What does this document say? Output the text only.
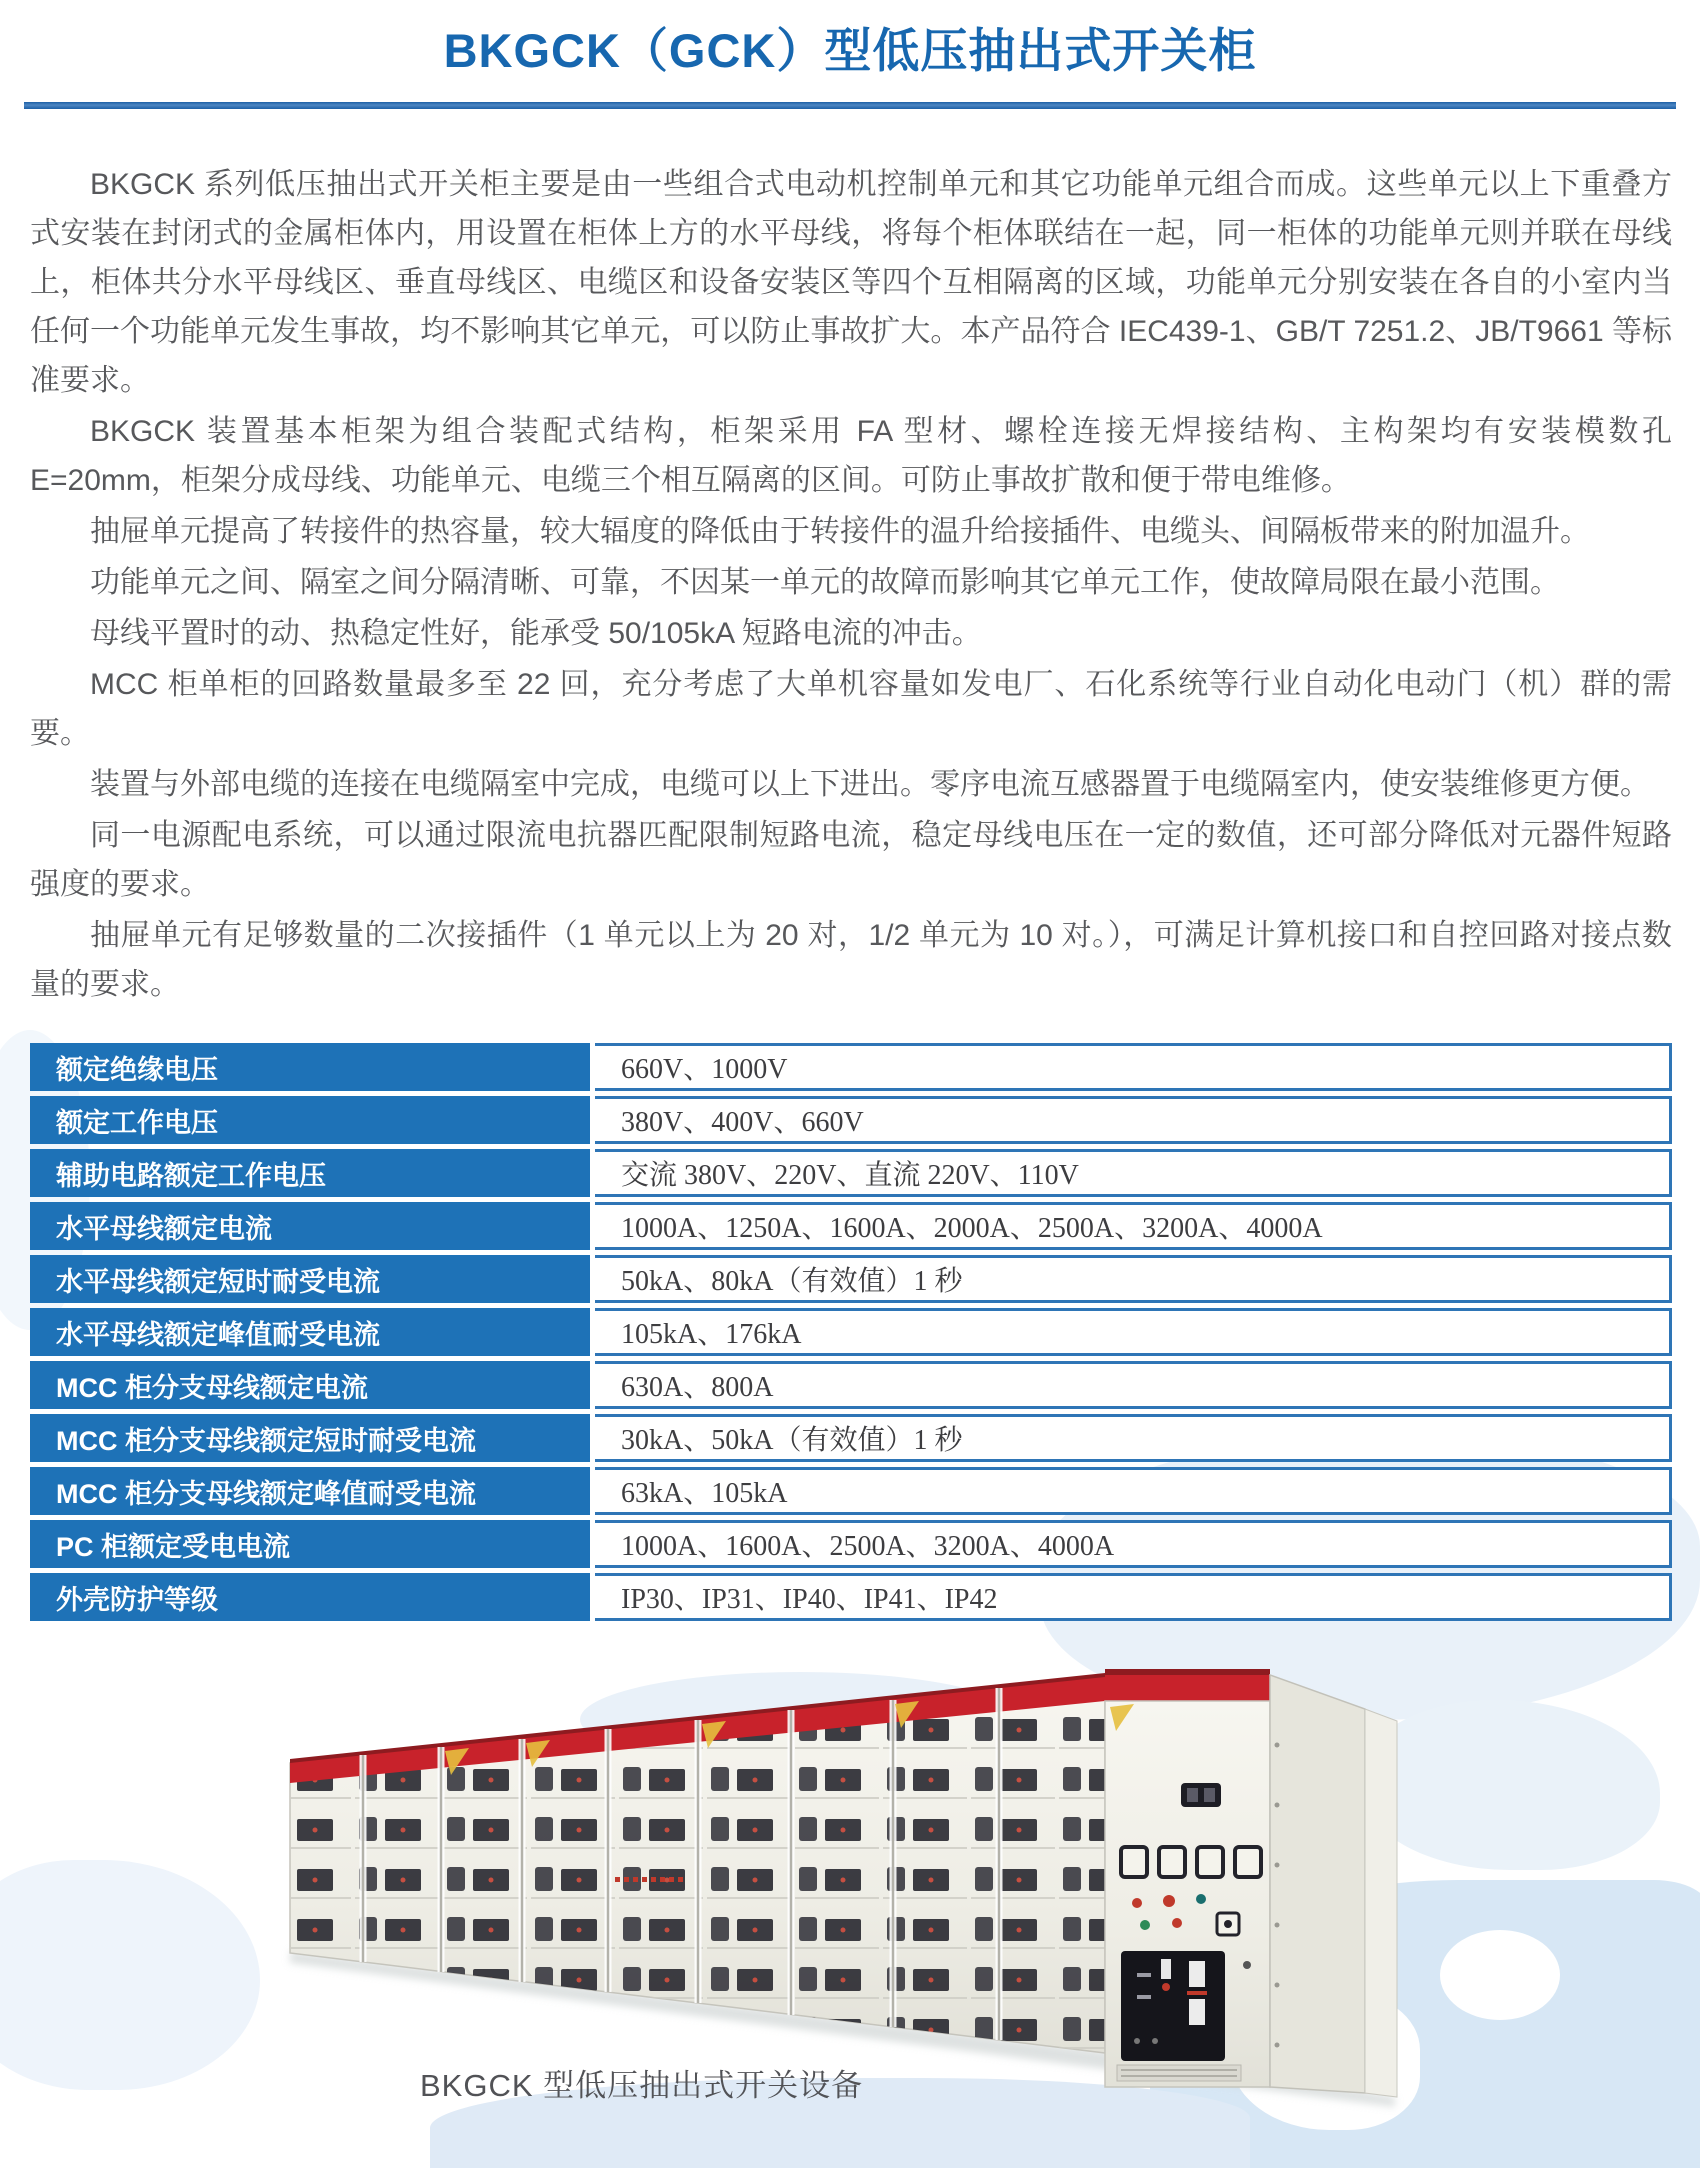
BKGCK（GCK）型低压抽出式开关柜

BKGCK 系列低压抽出式开关柜主要是由一些组合式电动机控制单元和其它功能单元组合而成。这些单元以上下重叠方式安装在封闭式的金属柜体内，用设置在柜体上方的水平母线，将每个柜体联结在一起，同一柜体的功能单元则并联在母线上，柜体共分水平母线区、垂直母线区、电缆区和设备安装区等四个互相隔离的区域，功能单元分别安装在各自的小室内当任何一个功能单元发生事故，均不影响其它单元，可以防止事故扩大。本产品符合 IEC439-1、GB/T 7251.2、JB/T9661 等标准要求。

BKGCK 装置基本柜架为组合装配式结构，柜架采用 FA 型材、螺栓连接无焊接结构、主构架均有安装模数孔 E=20mm，柜架分成母线、功能单元、电缆三个相互隔离的区间。可防止事故扩散和便于带电维修。

抽屉单元提高了转接件的热容量，较大辐度的降低由于转接件的温升给接插件、电缆头、间隔板带来的附加温升。

功能单元之间、隔室之间分隔清晰、可靠，不因某一单元的故障而影响其它单元工作，使故障局限在最小范围。

母线平置时的动、热稳定性好，能承受 50/105kA 短路电流的冲击。

MCC 柜单柜的回路数量最多至 22 回，充分考虑了大单机容量如发电厂、石化系统等行业自动化电动门（机）群的需要。

装置与外部电缆的连接在电缆隔室中完成，电缆可以上下进出。零序电流互感器置于电缆隔室内，使安装维修更方便。

同一电源配电系统，可以通过限流电抗器匹配限制短路电流，稳定母线电压在一定的数值，还可部分降低对元器件短路强度的要求。

抽屉单元有足够数量的二次接插件（1 单元以上为 20 对，1/2 单元为 10 对。），可满足计算机接口和自控回路对接点数量的要求。

额定绝缘电压	660V、1000V
额定工作电压	380V、400V、660V
辅助电路额定工作电压	交流 380V、220V、直流 220V、110V
水平母线额定电流	1000A、1250A、1600A、2000A、2500A、3200A、4000A
水平母线额定短时耐受电流	50kA、80kA（有效值）1 秒
水平母线额定峰值耐受电流	105kA、176kA
MCC 柜分支母线额定电流	630A、800A
MCC 柜分支母线额定短时耐受电流	30kA、50kA（有效值）1 秒
MCC 柜分支母线额定峰值耐受电流	63kA、105kA
PC 柜额定受电电流	1000A、1600A、2500A、3200A、4000A
外壳防护等级	IP30、IP31、IP40、IP41、IP42
BKGCK 型低压抽出式开关设备
